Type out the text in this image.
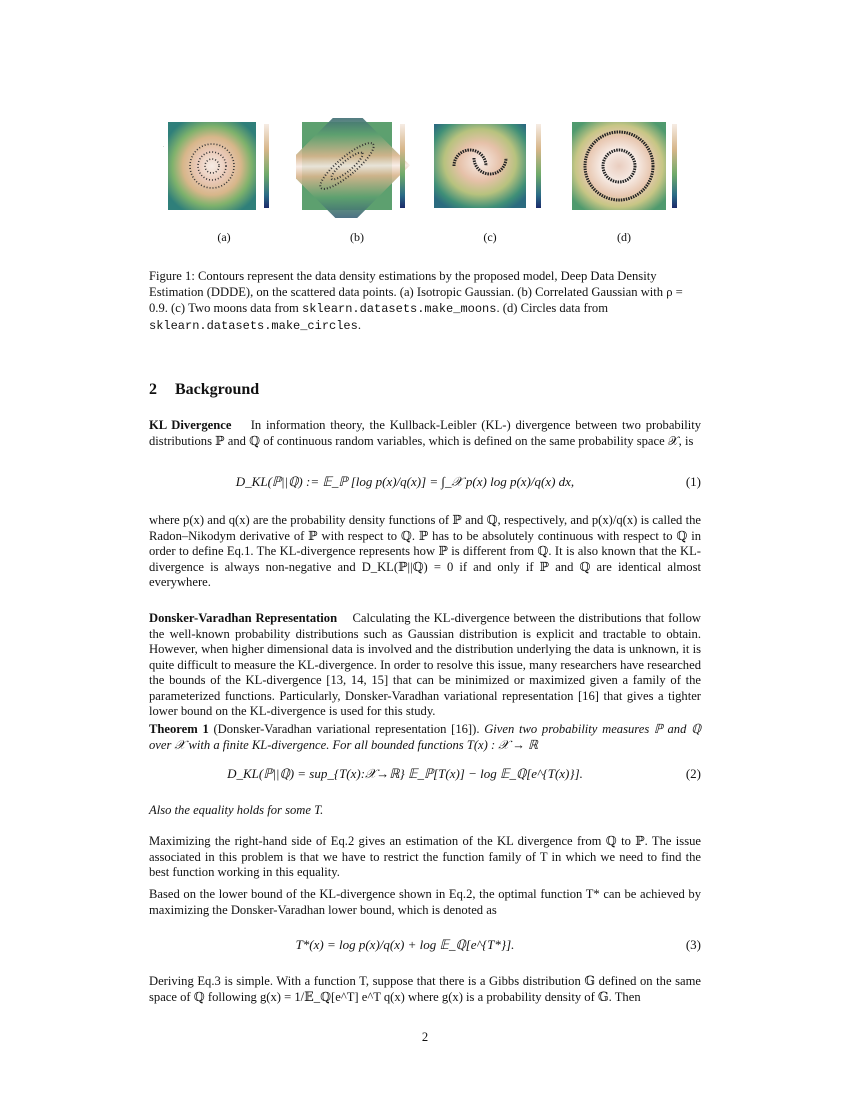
·
(a)	(b)	(c)	(d)
Figure 1: Contours represent the data density estimations by the proposed model, Deep Data Density Estimation (DDDE), on the scattered data points. (a) Isotropic Gaussian. (b) Correlated Gaussian with ρ = 0.9. (c) Two moons data from sklearn.datasets.make_moons. (d) Circles data from sklearn.datasets.make_circles.
2 Background
KL Divergence In information theory, the Kullback-Leibler (KL-) divergence between two probability distributions ℙ and ℚ of continuous random variables, which is defined on the same probability space 𝒳, is
D_KL(ℙ||ℚ) := 𝔼_ℙ [log p(x)/q(x)] = ∫_𝒳 p(x) log p(x)/q(x) dx,	(1)
where p(x) and q(x) are the probability density functions of ℙ and ℚ, respectively, and p(x)/q(x) is called the Radon–Nikodym derivative of ℙ with respect to ℚ. ℙ has to be absolutely continuous with respect to ℚ in order to define Eq.1. The KL-divergence represents how ℙ is different from ℚ. It is also known that the KL-divergence is always non-negative and D_KL(ℙ||ℚ) = 0 if and only if ℙ and ℚ are identical almost everywhere.
Donsker-Varadhan Representation Calculating the KL-divergence between the distributions that follow the well-known probability distributions such as Gaussian distribution is explicit and tractable to obtain. However, when higher dimensional data is involved and the distribution underlying the data is unknown, it is quite difficult to measure the KL-divergence. In order to resolve this issue, many researchers have researched the bounds of the KL-divergence [13, 14, 15] that can be minimized or maximized given a family of the parameterized functions. Particularly, Donsker-Varadhan variational representation [16] that gives a tighter lower bound on the KL-divergence is used for this study.
Theorem 1 (Donsker-Varadhan variational representation [16]). Given two probability measures ℙ and ℚ over 𝒳 with a finite KL-divergence. For all bounded functions T(x) : 𝒳 → ℝ
D_KL(ℙ||ℚ) = sup_{T(x):𝒳→ℝ} 𝔼_ℙ[T(x)] − log 𝔼_ℚ[e^{T(x)}].	(2)
Also the equality holds for some T.
Maximizing the right-hand side of Eq.2 gives an estimation of the KL divergence from ℚ to ℙ. The issue associated in this problem is that we have to restrict the function family of T in which we need to find the best function working in this equality.
Based on the lower bound of the KL-divergence shown in Eq.2, the optimal function T* can be achieved by maximizing the Donsker-Varadhan lower bound, which is denoted as
T*(x) = log p(x)/q(x) + log 𝔼_ℚ[e^{T*}].	(3)
Deriving Eq.3 is simple. With a function T, suppose that there is a Gibbs distribution 𝔾 defined on the same space of ℚ following g(x) = 1/𝔼_ℚ[e^T] e^T q(x) where g(x) is a probability density of 𝔾. Then
2
